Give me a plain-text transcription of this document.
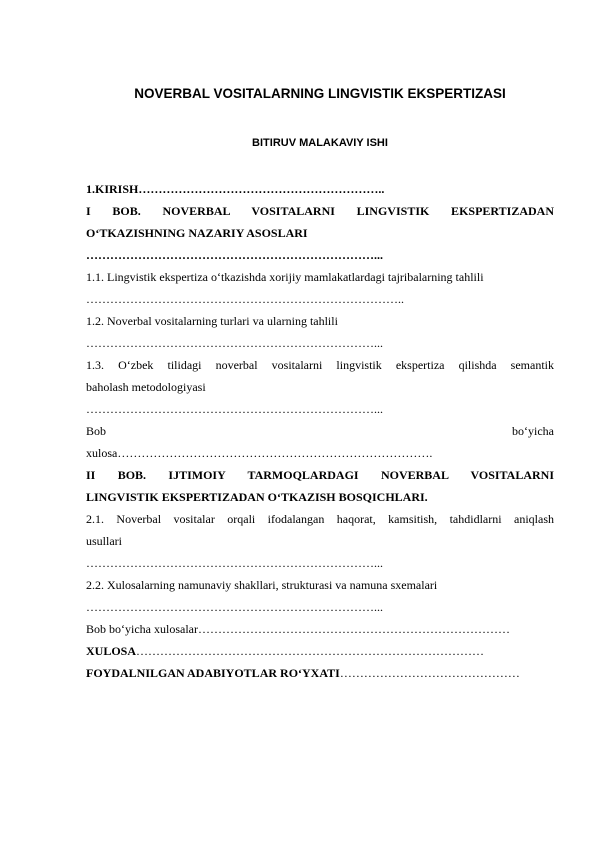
NOVERBAL VOSITALARNING LINGVISTIK EKSPERTIZASI
BITIRUV MALAKAVIY ISHI
1.KIRISH……………………………………………………..
I BOB. NOVERBAL VOSITALARNI LINGVISTIK EKSPERTIZADAN
O‘TKAZISHNING NAZARIY ASOSLARI
………………………………………………………………...
1.1. Lingvistik ekspertiza o‘tkazishda xorijiy mamlakatlardagi tajribalarning tahlili
……………………………………………………………………..
1.2. Noverbal vositalarning turlari va ularning tahlili
………………………………………………………………...
1.3. O‘zbek tilidagi noverbal vositalarni lingvistik ekspertiza qilishda semantik
baholash metodologiyasi
………………………………………………………………...
Bob	bo‘yicha
xulosa…………………………………………………………………….
II BOB. IJTIMOIY TARMOQLARDAGI NOVERBAL VOSITALARNI
LINGVISTIK EKSPERTIZADAN O‘TKAZISH BOSQICHLARI.
2.1. Noverbal vositalar orqali ifodalangan haqorat, kamsitish, tahdidlarni aniqlash
usullari
………………………………………………………………...
2.2. Xulosalarning namunaviy shakllari, strukturasi va namuna sxemalari
………………………………………………………………...
Bob bo‘yicha xulosalar ……………………………………………………………………
XULOSA ……………………………………………………………………………
FOYDALNILGAN ADABIYOTLAR RO‘YXATI ………………………………………
